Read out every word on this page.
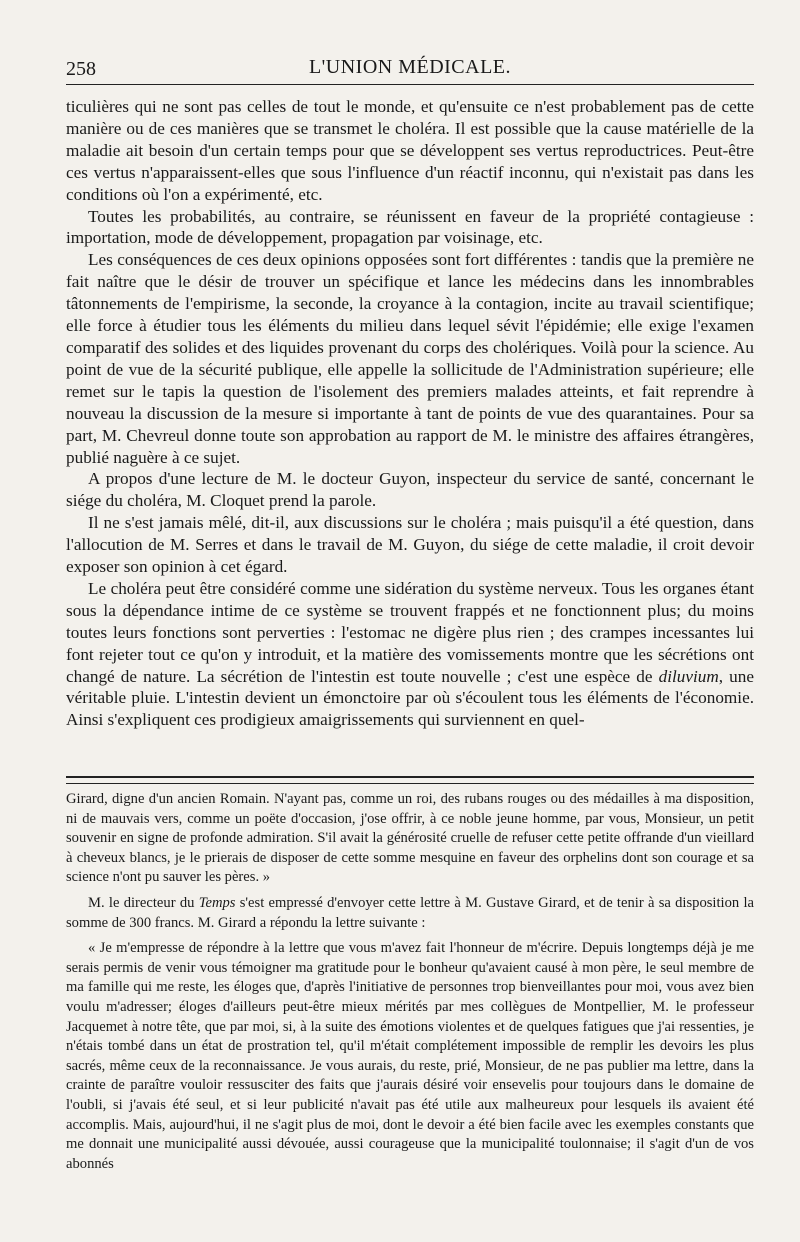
258	L'UNION MÉDICALE.

ticulières qui ne sont pas celles de tout le monde, et qu'ensuite ce n'est probablement pas de cette manière ou de ces manières que se transmet le choléra. Il est possible que la cause matérielle de la maladie ait besoin d'un certain temps pour que se développent ses vertus reproductrices. Peut-être ces vertus n'apparaissent-elles que sous l'influence d'un réactif inconnu, qui n'existait pas dans les conditions où l'on a expérimenté, etc.

Toutes les probabilités, au contraire, se réunissent en faveur de la propriété contagieuse : importation, mode de développement, propagation par voisinage, etc.

Les conséquences de ces deux opinions opposées sont fort différentes : tandis que la première ne fait naître que le désir de trouver un spécifique et lance les médecins dans les innombrables tâtonnements de l'empirisme, la seconde, la croyance à la contagion, incite au travail scientifique; elle force à étudier tous les éléments du milieu dans lequel sévit l'épidémie; elle exige l'examen comparatif des solides et des liquides provenant du corps des cholériques. Voilà pour la science. Au point de vue de la sécurité publique, elle appelle la sollicitude de l'Administration supérieure; elle remet sur le tapis la question de l'isolement des premiers malades atteints, et fait reprendre à nouveau la discussion de la mesure si importante à tant de points de vue des quarantaines. Pour sa part, M. Chevreul donne toute son approbation au rapport de M. le ministre des affaires étrangères, publié naguère à ce sujet.

A propos d'une lecture de M. le docteur Guyon, inspecteur du service de santé, concernant le siége du choléra, M. Cloquet prend la parole.

Il ne s'est jamais mêlé, dit-il, aux discussions sur le choléra ; mais puisqu'il a été question, dans l'allocution de M. Serres et dans le travail de M. Guyon, du siége de cette maladie, il croit devoir exposer son opinion à cet égard.

Le choléra peut être considéré comme une sidération du système nerveux. Tous les organes étant sous la dépendance intime de ce système se trouvent frappés et ne fonctionnent plus; du moins toutes leurs fonctions sont perverties : l'estomac ne digère plus rien ; des crampes incessantes lui font rejeter tout ce qu'on y introduit, et la matière des vomissements montre que les sécrétions ont changé de nature. La sécrétion de l'intestin est toute nouvelle ; c'est une espèce de diluvium, une véritable pluie. L'intestin devient un émonctoire par où s'écoulent tous les éléments de l'économie. Ainsi s'expliquent ces prodigieux amaigrissements qui surviennent en quel-

Girard, digne d'un ancien Romain. N'ayant pas, comme un roi, des rubans rouges ou des médailles à ma disposition, ni de mauvais vers, comme un poëte d'occasion, j'ose offrir, à ce noble jeune homme, par vous, Monsieur, un petit souvenir en signe de profonde admiration. S'il avait la générosité cruelle de refuser cette petite offrande d'un vieillard à cheveux blancs, je le prierais de disposer de cette somme mesquine en faveur des orphelins dont son courage et sa science n'ont pu sauver les pères. »

M. le directeur du Temps s'est empressé d'envoyer cette lettre à M. Gustave Girard, et de tenir à sa disposition la somme de 300 francs. M. Girard a répondu la lettre suivante :

« Je m'empresse de répondre à la lettre que vous m'avez fait l'honneur de m'écrire. Depuis longtemps déjà je me serais permis de venir vous témoigner ma gratitude pour le bonheur qu'avaient causé à mon père, le seul membre de ma famille qui me reste, les éloges que, d'après l'initiative de personnes trop bienveillantes pour moi, vous avez bien voulu m'adresser; éloges d'ailleurs peut-être mieux mérités par mes collègues de Montpellier, M. le professeur Jacquemet à notre tête, que par moi, si, à la suite des émotions violentes et de quelques fatigues que j'ai ressenties, je n'étais tombé dans un état de prostration tel, qu'il m'était complétement impossible de remplir les devoirs les plus sacrés, même ceux de la reconnaissance. Je vous aurais, du reste, prié, Monsieur, de ne pas publier ma lettre, dans la crainte de paraître vouloir ressusciter des faits que j'aurais désiré voir ensevelis pour toujours dans le domaine de l'oubli, si j'avais été seul, et si leur publicité n'avait pas été utile aux malheureux pour lesquels ils avaient été accomplis. Mais, aujourd'hui, il ne s'agit plus de moi, dont le devoir a été bien facile avec les exemples constants que me donnait une municipalité aussi dévouée, aussi courageuse que la municipalité toulonnaise; il s'agit d'un de vos abonnés
